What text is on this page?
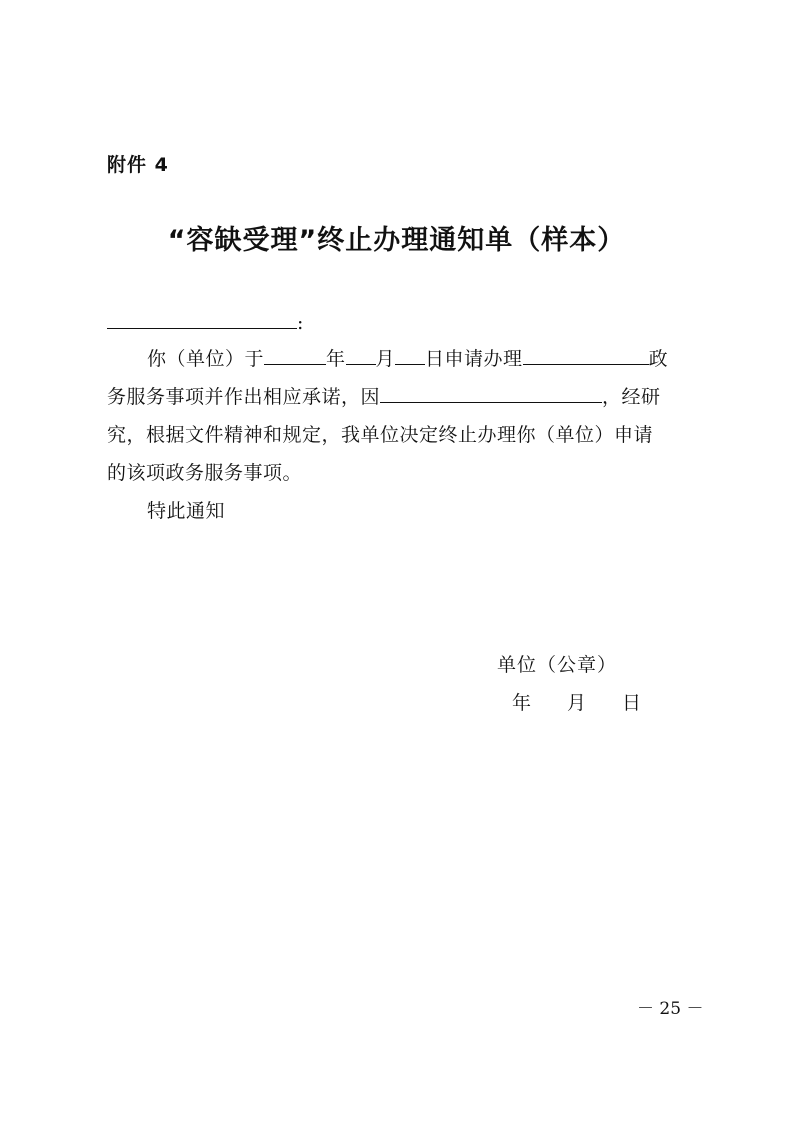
附件 4
“容缺受理”终止办理通知单（样本）
:
你（单位）于	年 月 日申请办理	政
务服务事项并作出相应承诺，因	，经研
究，根据文件精神和规定，我单位决定终止办理你（单位）申请
的该项政务服务事项。
特此通知
单位（公章）
年 月 日
－ 25 －
